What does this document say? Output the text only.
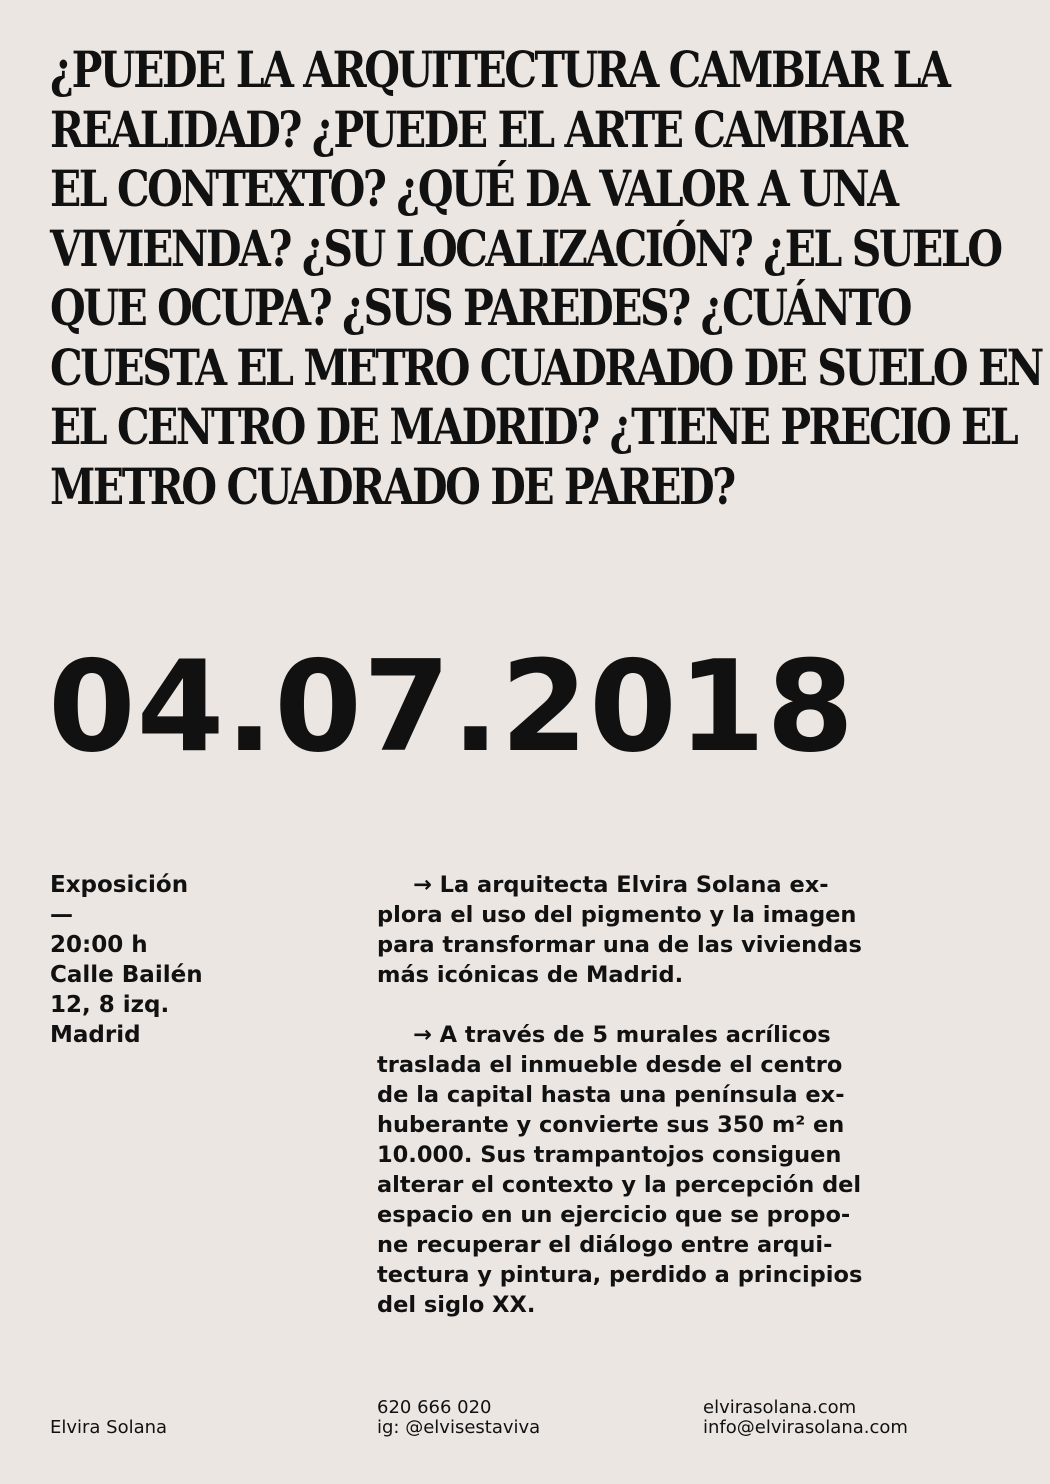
¿PUEDE LA ARQUITECTURA CAMBIAR LA
REALIDAD? ¿PUEDE EL ARTE CAMBIAR
EL CONTEXTO? ¿QUÉ DA VALOR A UNA
VIVIENDA? ¿SU LOCALIZACIÓN? ¿EL SUELO
QUE OCUPA? ¿SUS PAREDES? ¿CUÁNTO
CUESTA EL METRO CUADRADO DE SUELO EN
EL CENTRO DE MADRID? ¿TIENE PRECIO EL
METRO CUADRADO DE PARED?
04.07.2018
Exposición
—
20:00 h
Calle Bailén
12, 8 izq.
Madrid

→ La arquitecta Elvira Solana ex-
plora el uso del pigmento y la imagen
para transformar una de las viviendas
más icónicas de Madrid.

→ A través de 5 murales acrílicos
traslada el inmueble desde el centro
de la capital hasta una península ex-
huberante y convierte sus 350 m² en
10.000. Sus trampantojos consiguen
alterar el contexto y la percepción del
espacio en un ejercicio que se propo-
ne recuperar el diálogo entre arqui-
tectura y pintura, perdido a principios
del siglo XX.

Elvira Solana
620 666 020
ig: @elvisestaviva
elvirasolana.com
info@elvirasolana.com
